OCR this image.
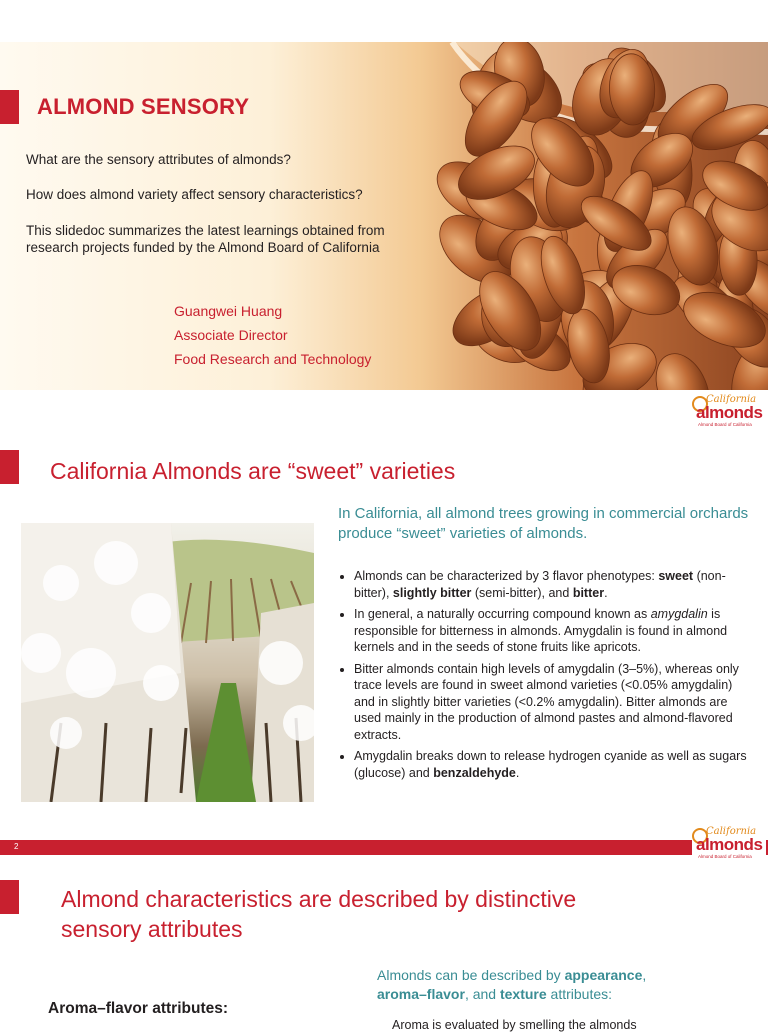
ALMOND SENSORY
What are the sensory attributes of almonds?
How does almond variety affect sensory characteristics?
This slidedoc summarizes the latest learnings obtained from research projects funded by the Almond Board of California
Guangwei Huang
Associate Director
Food Research and Technology
California
almonds
Almond Board of California
California Almonds are “sweet” varieties
In California, all almond trees growing in commercial orchards produce “sweet” varieties of almonds.
• Almonds can be characterized by 3 flavor phenotypes: sweet (non-bitter), slightly bitter (semi-bitter), and bitter.
• In general, a naturally occurring compound known as amygdalin is responsible for bitterness in almonds. Amygdalin is found in almond kernels and in the seeds of stone fruits like apricots.
• Bitter almonds contain high levels of amygdalin (3–5%), whereas only trace levels are found in sweet almond varieties (<0.05% amygdalin) and in slightly bitter varieties (<0.2% amygdalin). Bitter almonds are used mainly in the production of almond pastes and almond-flavored extracts.
• Amygdalin breaks down to release hydrogen cyanide as well as sugars (glucose) and benzaldehyde.
2
California
almonds
Almond Board of California
Almond characteristics are described by distinctive sensory attributes
Almonds can be described by appearance,
aroma–flavor, and texture attributes:
Aroma–flavor attributes:
Aroma is evaluated by smelling the almonds
